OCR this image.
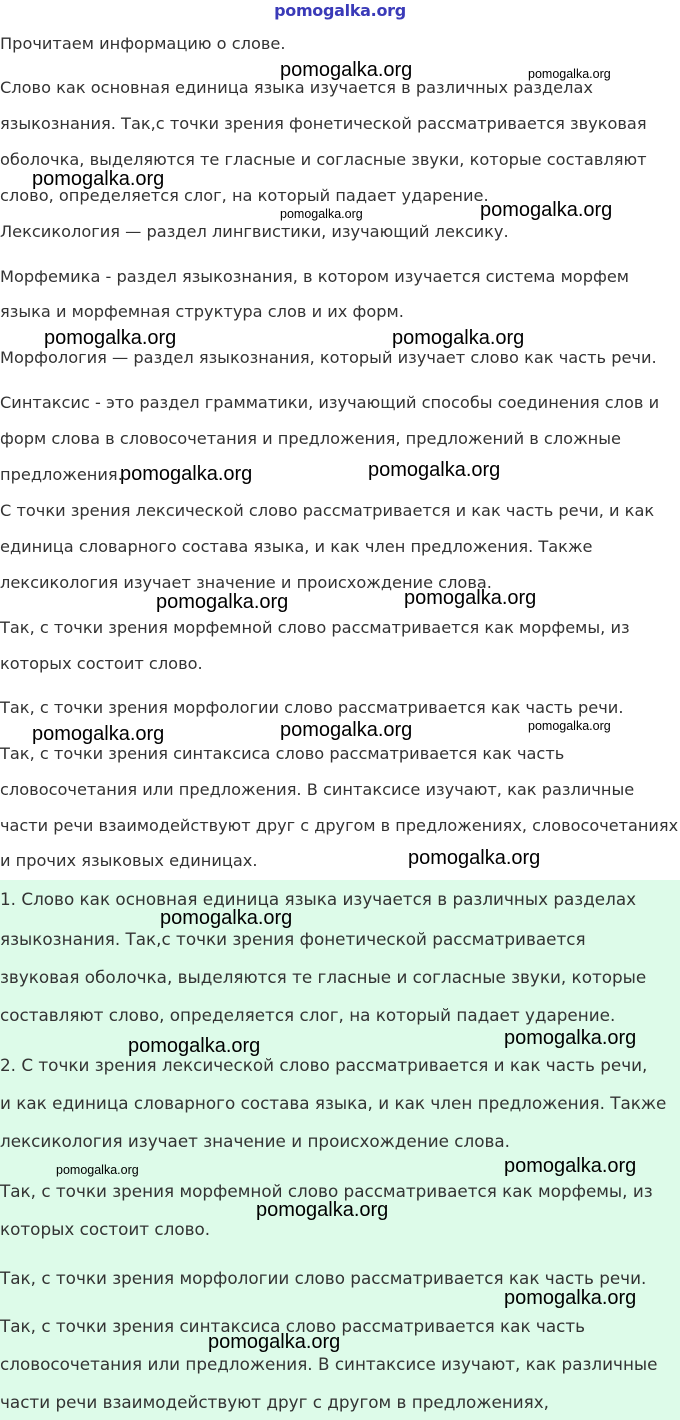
pomogalka.org
Прочитаем информацию о слове.
Слово как основная единица языка изучается в различных разделах
языкознания. Так,с точки зрения фонетической рассматривается звуковая
оболочка, выделяются те гласные и согласные звуки, которые составляют
слово, определяется слог, на который падает ударение.
Лексикология — раздел лингвистики, изучающий лексику.
Морфемика - раздел языкознания, в котором изучается система морфем
языка и морфемная структура слов и их форм.
Морфология — раздел языкознания, который изучает слово как часть речи.
Синтаксис - это раздел грамматики, изучающий способы соединения слов и
форм слова в словосочетания и предложения, предложений в сложные
предложения.
С точки зрения лексической слово рассматривается и как часть речи, и как
единица словарного состава языка, и как член предложения. Также
лексикология изучает значение и происхождение слова.
Так, с точки зрения морфемной слово рассматривается как морфемы, из
которых состоит слово.
Так, с точки зрения морфологии слово рассматривается как часть речи.
Так, с точки зрения синтаксиса слово рассматривается как часть
словосочетания или предложения. В синтаксисе изучают, как различные
части речи взаимодействуют друг с другом в предложениях, словосочетаниях
и прочих языковых единицах.
1. Слово как основная единица языка изучается в различных разделах
языкознания. Так,с точки зрения фонетической рассматривается
звуковая оболочка, выделяются те гласные и согласные звуки, которые
составляют слово, определяется слог, на который падает ударение.
2. С точки зрения лексической слово рассматривается и как часть речи,
и как единица словарного состава языка, и как член предложения. Также
лексикология изучает значение и происхождение слова.
Так, с точки зрения морфемной слово рассматривается как морфемы, из
которых состоит слово.
Так, с точки зрения морфологии слово рассматривается как часть речи.
Так, с точки зрения синтаксиса слово рассматривается как часть
словосочетания или предложения. В синтаксисе изучают, как различные
части речи взаимодействуют друг с другом в предложениях,
pomogalka.org	pomogalka.org
pomogalka.org
pomogalka.org	pomogalka.org
pomogalka.org	pomogalka.org
pomogalka.org	pomogalka.org
pomogalka.org	pomogalka.org
pomogalka.org	pomogalka.org	pomogalka.org
pomogalka.org
pomogalka.org
pomogalka.org
pomogalka.org
pomogalka.org	pomogalka.org
pomogalka.org
pomogalka.org
pomogalka.org
